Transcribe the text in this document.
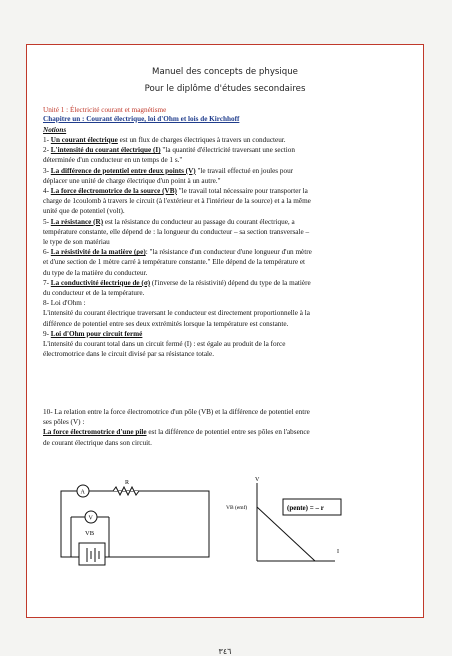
Manuel des concepts de physique
Pour le diplôme d'études secondaires
Unité 1 : Électricité courant et magnétisme
Chapitre un : Courant électrique, loi d'Ohm et lois de Kirchhoff
Notions
1- Un courant électrique est un flux de charges électriques à travers un conducteur.
2- L'intensité du courant électrique (I) "la quantité d'électricité traversant une section
déterminée d'un conducteur en un temps de 1 s."
3- La différence de potentiel entre deux points (V) "le travail effectué en joules pour
déplacer une unité de charge électrique d'un point à un autre."
4- La force électromotrice de la source (VB) "le travail total nécessaire pour transporter la
charge de 1coulomb à travers le circuit (à l'extérieur et à l'intérieur de la source) et a la même
unité que de potentiel (volt).
5- La résistance (R) est la résistance du conducteur au passage du courant électrique, a
température constante, elle dépend de : la longueur du conducteur – sa section transversale –
le type de son matériau
6- La résistivité de la matière (ρe): "la résistance d'un conducteur d'une longueur d'un mètre
et d'une section de 1 mètre carré à température constante." Elle dépend de la température et
du type de la matière du conducteur.
7- La conductivité électrique de (σ) (l'inverse de la résistivité) dépend du type de la matière
du conducteur et de la température.
8- Loi d'Ohm :
L'intensité du courant électrique traversant le conducteur est directement proportionnelle à la
différence de potentiel entre ses deux extrémités lorsque la température est constante.
9- Loi d'Ohm pour circuit fermé
L'intensité du courant total dans un circuit fermé (I) : est égale au produit de la force
électromotrice dans le circuit divisé par sa résistance totale.
10- La relation entre la force électromotrice d'un pôle (VB) et la différence de potentiel entre
ses pôles (V) :
La force électromotrice d'une pile est la différence de potentiel entre ses pôles en l'absence
de courant électrique dans son circuit.
R
A
V
VB
V
I
VB (emf)	(pente) = – r
٣٤٦
